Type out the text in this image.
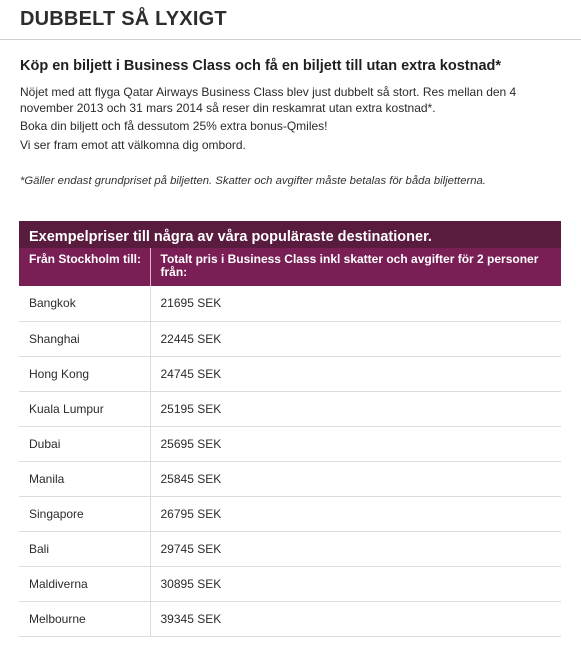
DUBBELT SÅ LYXIGT
Köp en biljett i Business Class och få en biljett till utan extra kostnad*

Nöjet med att flyga Qatar Airways Business Class blev just dubbelt så stort. Res mellan den 4 november 2013 och 31 mars 2014 så reser din reskamrat utan extra kostnad*.

Boka din biljett och få dessutom 25% extra bonus-Qmiles!

Vi ser fram emot att välkomna dig ombord.

*Gäller endast grundpriset på biljetten. Skatter och avgifter måste betalas för båda biljetterna.

Exempelpriser till några av våra populäraste destinationer.	
Från Stockholm till:	Totalt pris i Business Class inkl skatter och avgifter för 2 personer från:
Bangkok	21695 SEK
Shanghai	22445 SEK
Hong Kong	24745 SEK
Kuala Lumpur	25195 SEK
Dubai	25695 SEK
Manila	25845 SEK
Singapore	26795 SEK
Bali	29745 SEK
Maldiverna	30895 SEK
Melbourne	39345 SEK
